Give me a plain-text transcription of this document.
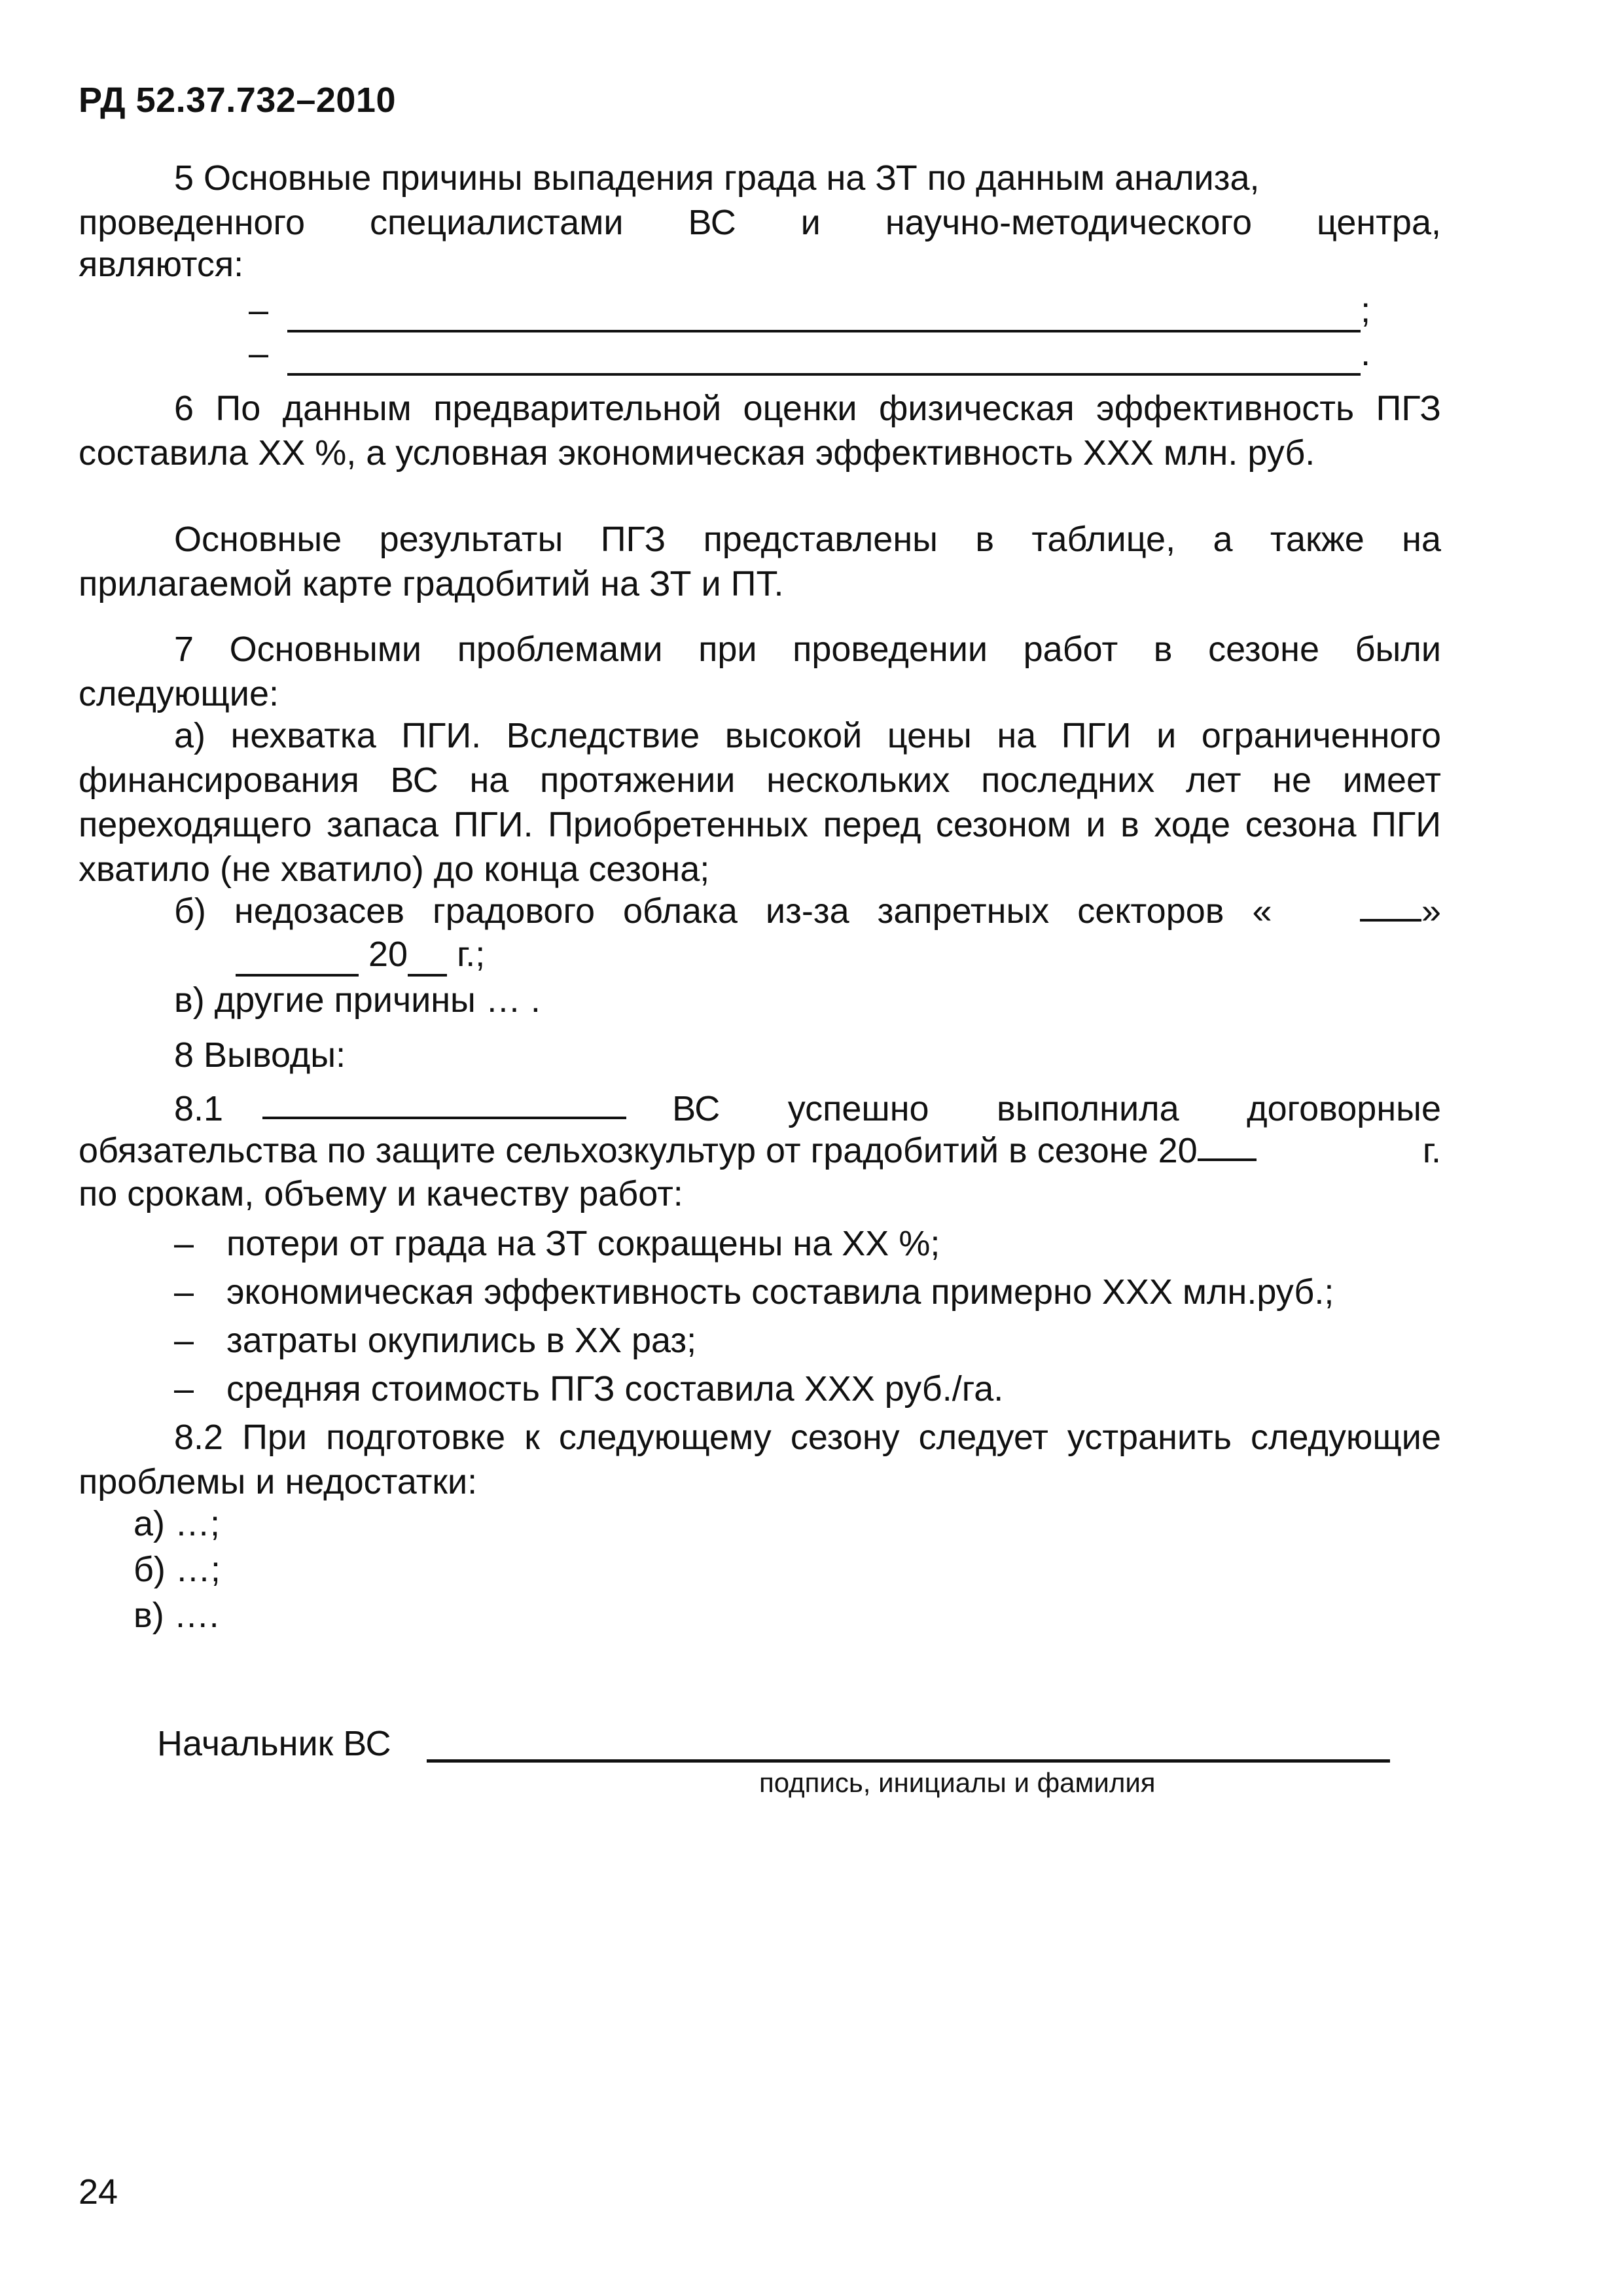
РД 52.37.732–2010
5 Основные причины выпадения града на ЗТ по данным анализа,
проведенного специалистами ВС и научно-методического центра,
являются:
–	;
–	.

6 По данным предварительной оценки физическая эффективность ПГЗ составила ХХ %, а условная экономическая эффективность ХХХ млн. руб.

Основные результаты ПГЗ представлены в таблице, а также на прилагаемой карте градобитий на ЗТ и ПТ.

7 Основными проблемами при проведении работ в сезоне были следующие:

а) нехватка ПГИ. Вследствие высокой цены на ПГИ и ограниченного финансирования ВС на протяжении нескольких последних лет не имеет переходящего запаса ПГИ. Приобретенных перед сезоном и в ходе сезона ПГИ хватило (не хватило) до конца сезона;

б) недозасев градового облака из-за запретных секторов «	»
20 г.;
в) другие причины … .
8 Выводы:
8.1	ВС успешно выполнила договорные
обязательства по защите сельхозкультур от градобитий в сезоне 20	г.
по срокам, объему и качеству работ:
– потери от града на ЗТ сокращены на ХХ %;
– экономическая эффективность составила примерно ХХХ млн.руб.;
– затраты окупились в ХХ раз;
– средняя стоимость ПГЗ составила ХХХ руб./га.

8.2 При подготовке к следующему сезону следует устранить следующие проблемы и недостатки:

а) …;
б) …;
в) ….
Начальник ВС
подпись, инициалы и фамилия
24
